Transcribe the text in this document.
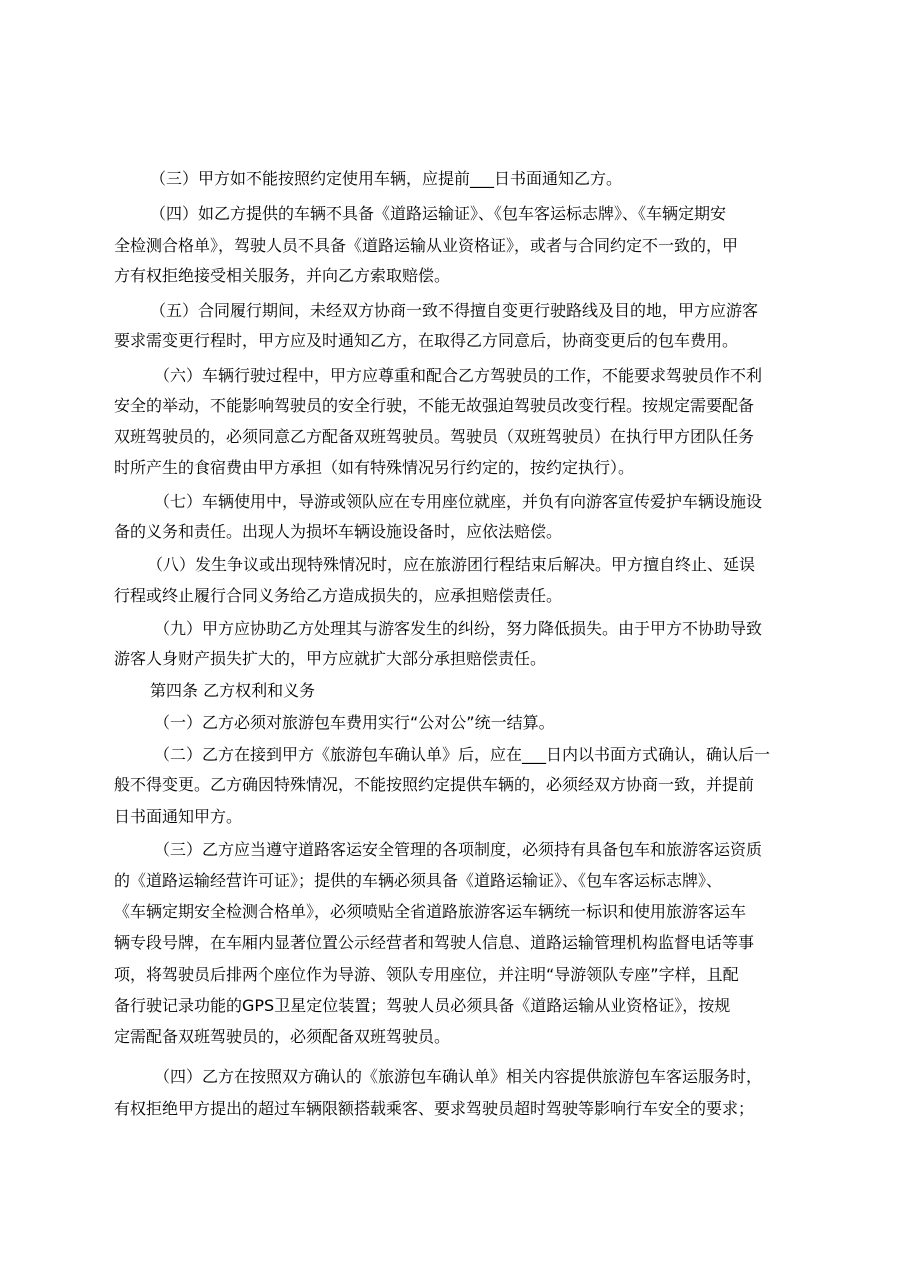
（三）甲方如不能按照约定使用车辆，应提前___日书面通知乙方。
（四）如乙方提供的车辆不具备《道路运输证》、《包车客运标志牌》、《车辆定期安
全检测合格单》，驾驶人员不具备《道路运输从业资格证》，或者与合同约定不一致的，甲
方有权拒绝接受相关服务，并向乙方索取赔偿。
（五）合同履行期间，未经双方协商一致不得擅自变更行驶路线及目的地，甲方应游客
要求需变更行程时，甲方应及时通知乙方，在取得乙方同意后，协商变更后的包车费用。
（六）车辆行驶过程中，甲方应尊重和配合乙方驾驶员的工作，不能要求驾驶员作不利
安全的举动，不能影响驾驶员的安全行驶，不能无故强迫驾驶员改变行程。按规定需要配备
双班驾驶员的，必须同意乙方配备双班驾驶员。驾驶员（双班驾驶员）在执行甲方团队任务
时所产生的食宿费由甲方承担（如有特殊情况另行约定的，按约定执行）。
（七）车辆使用中，导游或领队应在专用座位就座，并负有向游客宣传爱护车辆设施设
备的义务和责任。出现人为损坏车辆设施设备时，应依法赔偿。
（八）发生争议或出现特殊情况时，应在旅游团行程结束后解决。甲方擅自终止、延误
行程或终止履行合同义务给乙方造成损失的，应承担赔偿责任。
（九）甲方应协助乙方处理其与游客发生的纠纷，努力降低损失。由于甲方不协助导致
游客人身财产损失扩大的，甲方应就扩大部分承担赔偿责任。
第四条 乙方权利和义务
（一）乙方必须对旅游包车费用实行“公对公”统一结算。
（二）乙方在接到甲方《旅游包车确认单》后，应在___日内以书面方式确认，确认后一
般不得变更。乙方确因特殊情况，不能按照约定提供车辆的，必须经双方协商一致，并提前
日书面通知甲方。
（三）乙方应当遵守道路客运安全管理的各项制度，必须持有具备包车和旅游客运资质
的《道路运输经营许可证》；提供的车辆必须具备《道路运输证》、《包车客运标志牌》、
《车辆定期安全检测合格单》，必须喷贴全省道路旅游客运车辆统一标识和使用旅游客运车
辆专段号牌，在车厢内显著位置公示经营者和驾驶人信息、道路运输管理机构监督电话等事
项，将驾驶员后排两个座位作为导游、领队专用座位，并注明“导游领队专座”字样，且配
备行驶记录功能的GPS卫星定位装置；驾驶人员必须具备《道路运输从业资格证》，按规
定需配备双班驾驶员的，必须配备双班驾驶员。
（四）乙方在按照双方确认的《旅游包车确认单》相关内容提供旅游包车客运服务时，
有权拒绝甲方提出的超过车辆限额搭载乘客、要求驾驶员超时驾驶等影响行车安全的要求；
